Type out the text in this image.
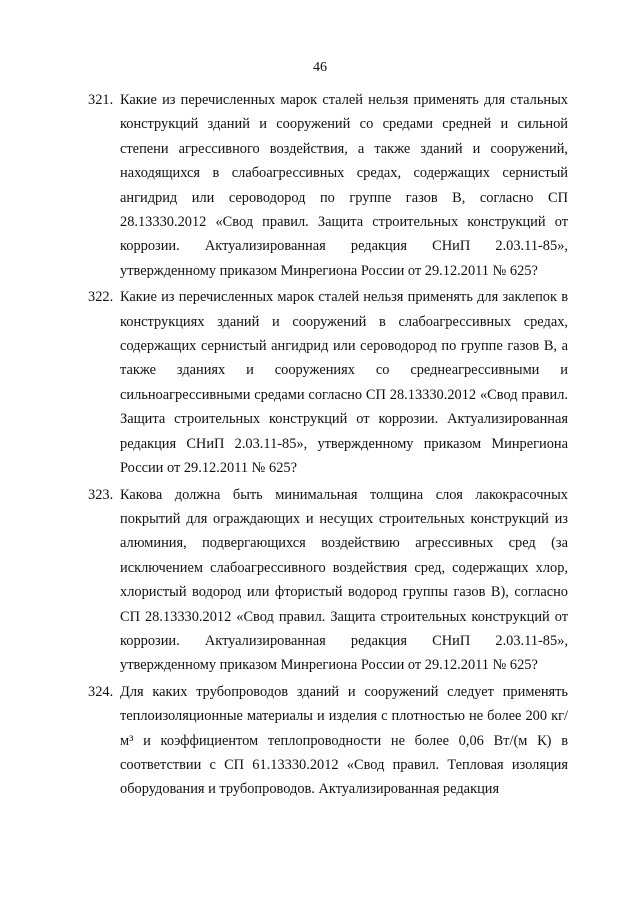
46
321. Какие из перечисленных марок сталей нельзя применять для стальных конструкций зданий и сооружений со средами средней и сильной степени агрессивного воздействия, а также зданий и сооружений, находящихся в слабоагрессивных средах, содержащих сернистый ангидрид или сероводород по группе газов В, согласно СП 28.13330.2012 «Свод правил. Защита строительных конструкций от коррозии. Актуализированная редакция СНиП 2.03.11-85», утвержденному приказом Минрегиона России от 29.12.2011 № 625?
322. Какие из перечисленных марок сталей нельзя применять для заклепок в конструкциях зданий и сооружений в слабоагрессивных средах, содержащих сернистый ангидрид или сероводород по группе газов В, а также зданиях и сооружениях со среднеагрессивными и сильноагрессивными средами согласно СП 28.13330.2012 «Свод правил. Защита строительных конструкций от коррозии. Актуализированная редакция СНиП 2.03.11-85», утвержденному приказом Минрегиона России от 29.12.2011 № 625?
323. Какова должна быть минимальная толщина слоя лакокрасочных покрытий для ограждающих и несущих строительных конструкций из алюминия, подвергающихся воздействию агрессивных сред (за исключением слабоагрессивного воздействия сред, содержащих хлор, хлористый водород или фтористый водород группы газов В), согласно СП 28.13330.2012 «Свод правил. Защита строительных конструкций от коррозии. Актуализированная редакция СНиП 2.03.11-85», утвержденному приказом Минрегиона России от 29.12.2011 № 625?
324. Для каких трубопроводов зданий и сооружений следует применять теплоизоляционные материалы и изделия с плотностью не более 200 кг/м³ и коэффициентом теплопроводности не более 0,06 Вт/(м К) в соответствии с СП 61.13330.2012 «Свод правил. Тепловая изоляция оборудования и трубопроводов. Актуализированная редакция
